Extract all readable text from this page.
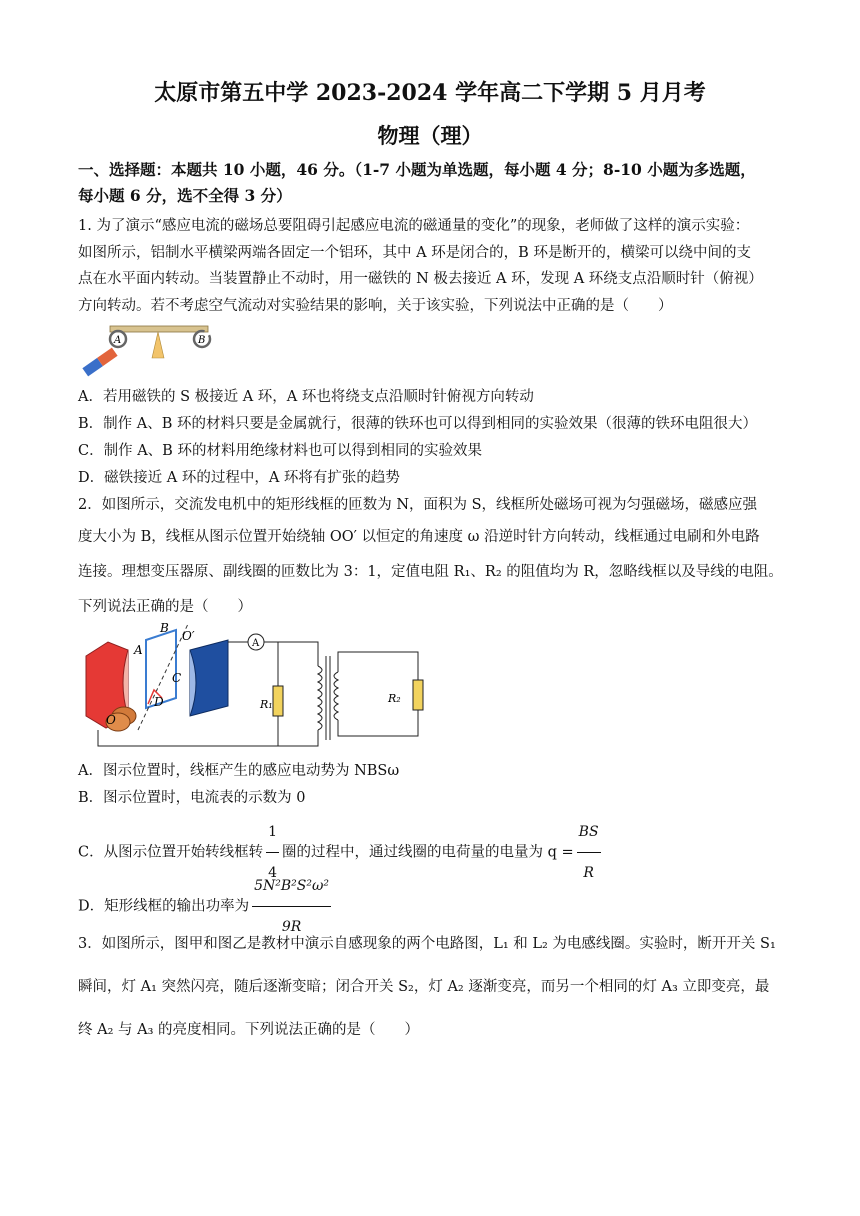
太原市第五中学 2023-2024 学年高二下学期 5 月月考
物理（理）
一、选择题：本题共 10 小题，46 分。（1-7 小题为单选题，每小题 4 分；8-10 小题为多选题，
每小题 6 分，选不全得 3 分）
1. 为了演示“感应电流的磁场总要阻碍引起感应电流的磁通量的变化”的现象，老师做了这样的演示实验：
如图所示，铝制水平横梁两端各固定一个铝环，其中 A 环是闭合的，B 环是断开的，横梁可以绕中间的支
点在水平面内转动。当装置静止不动时，用一磁铁的 N 极去接近 A 环，发现 A 环绕支点沿顺时针（俯视）
方向转动。若不考虑空气流动对实验结果的影响，关于该实验，下列说法中正确的是（　　）
A	B
A．若用磁铁的 S 极接近 A 环，A 环也将绕支点沿顺时针俯视方向转动
B．制作 A、B 环的材料只要是金属就行，很薄的铁环也可以得到相同的实验效果（很薄的铁环电阻很大）
C．制作 A、B 环的材料用绝缘材料也可以得到相同的实验效果
D．磁铁接近 A 环的过程中，A 环将有扩张的趋势
2．如图所示，交流发电机中的矩形线框的匝数为 N，面积为 S，线框所处磁场可视为匀强磁场，磁感应强
度大小为 B，线框从图示位置开始绕轴 OO′ 以恒定的角速度 ω 沿逆时针方向转动，线框通过电刷和外电路
连接。理想变压器原、副线圈的匝数比为 3：1，定值电阻 R₁、R₂ 的阻值均为 R，忽略线框以及导线的电阻。
下列说法正确的是（　　）
B
O′
A
C
D
O
A
R₁	R₂
A．图示位置时，线框产生的感应电动势为 NBSω
B．图示位置时，电流表的示数为 0
C．从图示位置开始转线框转 $\frac{1}{4}$ 圈的过程中，通过线圈的电荷量的电量为 $q = \frac{BS}{R}$
D．矩形线框的输出功率为 $\frac{\text{5N²B²S²ω²}}{9R}$
3．如图所示，图甲和图乙是教材中演示自感现象的两个电路图，L₁ 和 L₂ 为电感线圈。实验时，断开开关 S₁
瞬间，灯 A₁ 突然闪亮，随后逐渐变暗；闭合开关 S₂，灯 A₂ 逐渐变亮，而另一个相同的灯 A₃ 立即变亮，最
终 A₂ 与 A₃ 的亮度相同。下列说法正确的是（　　）
